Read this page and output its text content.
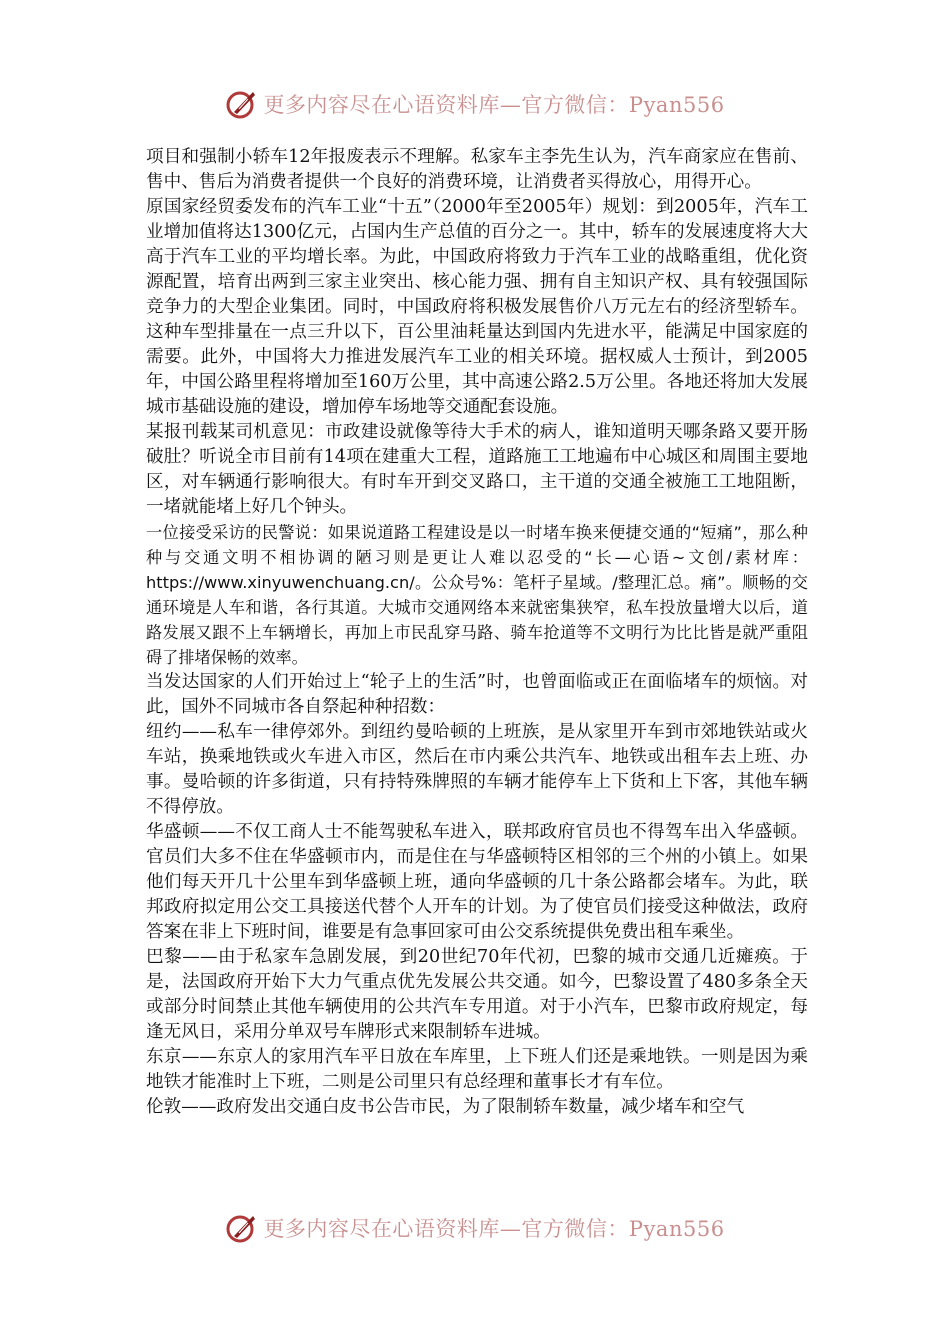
更多内容尽在心语资料库—官方微信：Pyan556

项目和强制小轿车12年报废表示不理解。私家车主李先生认为，汽车商家应在售前、售中、售后为消费者提供一个良好的消费环境，让消费者买得放心，用得开心。

原国家经贸委发布的汽车工业“十五”（2000年至2005年）规划：到2005年，汽车工业增加值将达1300亿元，占国内生产总值的百分之一。其中，轿车的发展速度将大大高于汽车工业的平均增长率。为此，中国政府将致力于汽车工业的战略重组，优化资源配置，培育出两到三家主业突出、核心能力强、拥有自主知识产权、具有较强国际竞争力的大型企业集团。同时，中国政府将积极发展售价八万元左右的经济型轿车。这种车型排量在一点三升以下，百公里油耗量达到国内先进水平，能满足中国家庭的需要。此外，中国将大力推进发展汽车工业的相关环境。据权威人士预计，到2005年，中国公路里程将增加至160万公里，其中高速公路2.5万公里。各地还将加大发展城市基础设施的建设，增加停车场地等交通配套设施。

某报刊载某司机意见：市政建设就像等待大手术的病人，谁知道明天哪条路又要开肠破肚？听说全市目前有14项在建重大工程，道路施工工地遍布中心城区和周围主要地区，对车辆通行影响很大。有时车开到交叉路口，主干道的交通全被施工工地阻断，一堵就能堵上好几个钟头。

一位接受采访的民警说：如果说道路工程建设是以一时堵车换来便捷交通的“短痛”，那么种种与交通文明不相协调的陋习则是更让人难以忍受的“长—心语~文创/素材库：https://www.xinyuwenchuang.cn/。公众号%：笔杆子星域。/整理汇总。痛”。顺畅的交通环境是人车和谐，各行其道。大城市交通网络本来就密集狭窄，私车投放量增大以后，道路发展又跟不上车辆增长，再加上市民乱穿马路、骑车抢道等不文明行为比比皆是就严重阻碍了排堵保畅的效率。

当发达国家的人们开始过上“轮子上的生活”时，也曾面临或正在面临堵车的烦恼。对此，国外不同城市各自祭起种种招数：

纽约——私车一律停郊外。到纽约曼哈顿的上班族，是从家里开车到市郊地铁站或火车站，换乘地铁或火车进入市区，然后在市内乘公共汽车、地铁或出租车去上班、办事。曼哈顿的许多街道，只有持特殊牌照的车辆才能停车上下货和上下客，其他车辆不得停放。

华盛顿——不仅工商人士不能驾驶私车进入，联邦政府官员也不得驾车出入华盛顿。官员们大多不住在华盛顿市内，而是住在与华盛顿特区相邻的三个州的小镇上。如果他们每天开几十公里车到华盛顿上班，通向华盛顿的几十条公路都会堵车。为此，联邦政府拟定用公交工具接送代替个人开车的计划。为了使官员们接受这种做法，政府答案在非上下班时间，谁要是有急事回家可由公交系统提供免费出租车乘坐。

巴黎——由于私家车急剧发展，到20世纪70年代初，巴黎的城市交通几近瘫痪。于是，法国政府开始下大力气重点优先发展公共交通。如今，巴黎设置了480多条全天或部分时间禁止其他车辆使用的公共汽车专用道。对于小汽车，巴黎市政府规定，每逢无风日，采用分单双号车牌形式来限制轿车进城。

东京——东京人的家用汽车平日放在车库里，上下班人们还是乘地铁。一则是因为乘地铁才能准时上下班，二则是公司里只有总经理和董事长才有车位。

伦敦——政府发出交通白皮书公告市民，为了限制轿车数量，减少堵车和空气

更多内容尽在心语资料库—官方微信：Pyan556
